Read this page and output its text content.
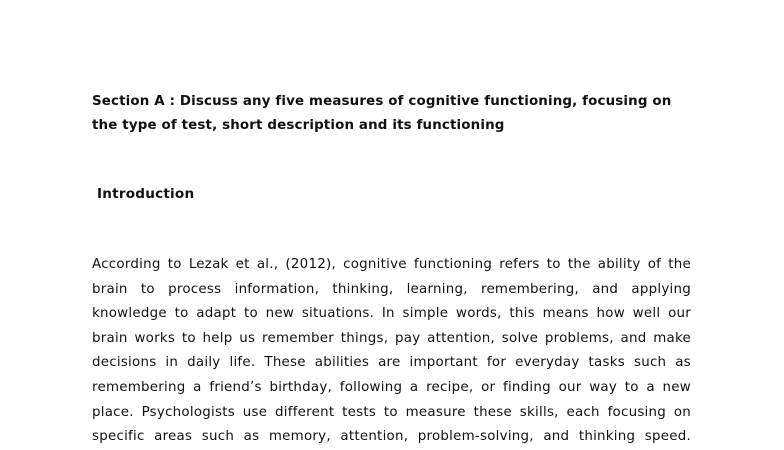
Section A : Discuss any five measures of cognitive functioning, focusing on the type of test, short description and its functioning

Introduction

According to Lezak et al., (2012), cognitive functioning refers to the ability of the
brain to process information, thinking, learning, remembering, and applying
knowledge to adapt to new situations. In simple words, this means how well our
brain works to help us remember things, pay attention, solve problems, and make
decisions in daily life. These abilities are important for everyday tasks such as
remembering a friend’s birthday, following a recipe, or finding our way to a new
place. Psychologists use different tests to measure these skills, each focusing on
specific areas such as memory, attention, problem-solving, and thinking speed.
